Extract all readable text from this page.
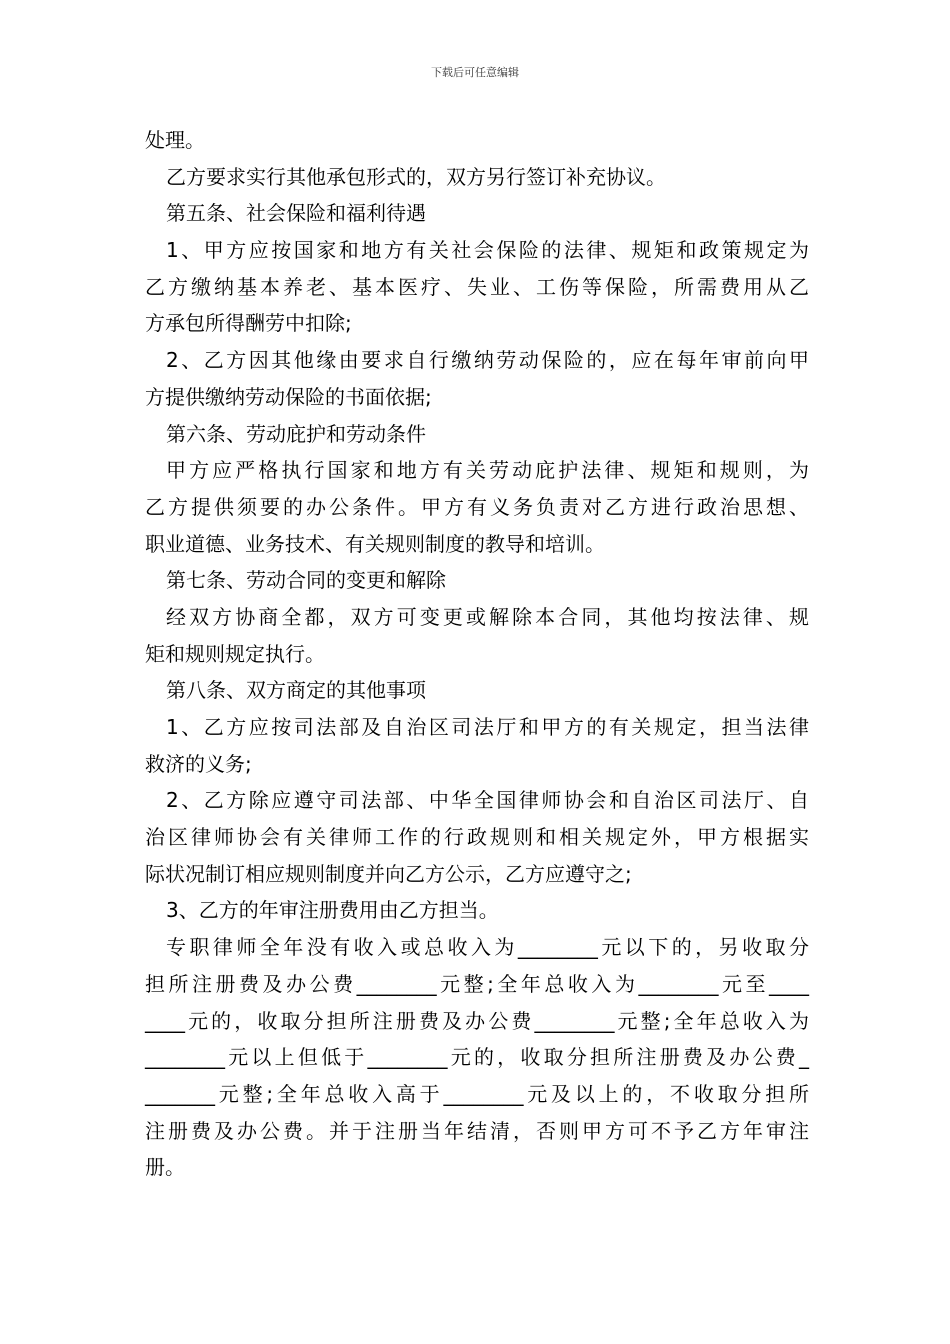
下载后可任意编辑
处理。
乙方要求实行其他承包形式的，双方另行签订补充协议。
第五条、社会保险和福利待遇
1、甲方应按国家和地方有关社会保险的法律、规矩和政策规定为
乙方缴纳基本养老、基本医疗、失业、工伤等保险，所需费用从乙
方承包所得酬劳中扣除;
2、乙方因其他缘由要求自行缴纳劳动保险的，应在每年审前向甲
方提供缴纳劳动保险的书面依据;
第六条、劳动庇护和劳动条件
甲方应严格执行国家和地方有关劳动庇护法律、规矩和规则，为
乙方提供须要的办公条件。甲方有义务负责对乙方进行政治思想、
职业道德、业务技术、有关规则制度的教导和培训。
第七条、劳动合同的变更和解除
经双方协商全都，双方可变更或解除本合同，其他均按法律、规
矩和规则规定执行。
第八条、双方商定的其他事项
1、乙方应按司法部及自治区司法厅和甲方的有关规定，担当法律
救济的义务;
2、乙方除应遵守司法部、中华全国律师协会和自治区司法厅、自
治区律师协会有关律师工作的行政规则和相关规定外，甲方根据实
际状况制订相应规则制度并向乙方公示，乙方应遵守之;
3、乙方的年审注册费用由乙方担当。
专职律师全年没有收入或总收入为________元以下的，另收取分
担所注册费及办公费________元整;全年总收入为________元至____
____元的，收取分担所注册费及办公费________元整;全年总收入为
________元以上但低于________元的，收取分担所注册费及办公费_
_______元整;全年总收入高于________元及以上的，不收取分担所
注册费及办公费。并于注册当年结清，否则甲方可不予乙方年审注
册。
